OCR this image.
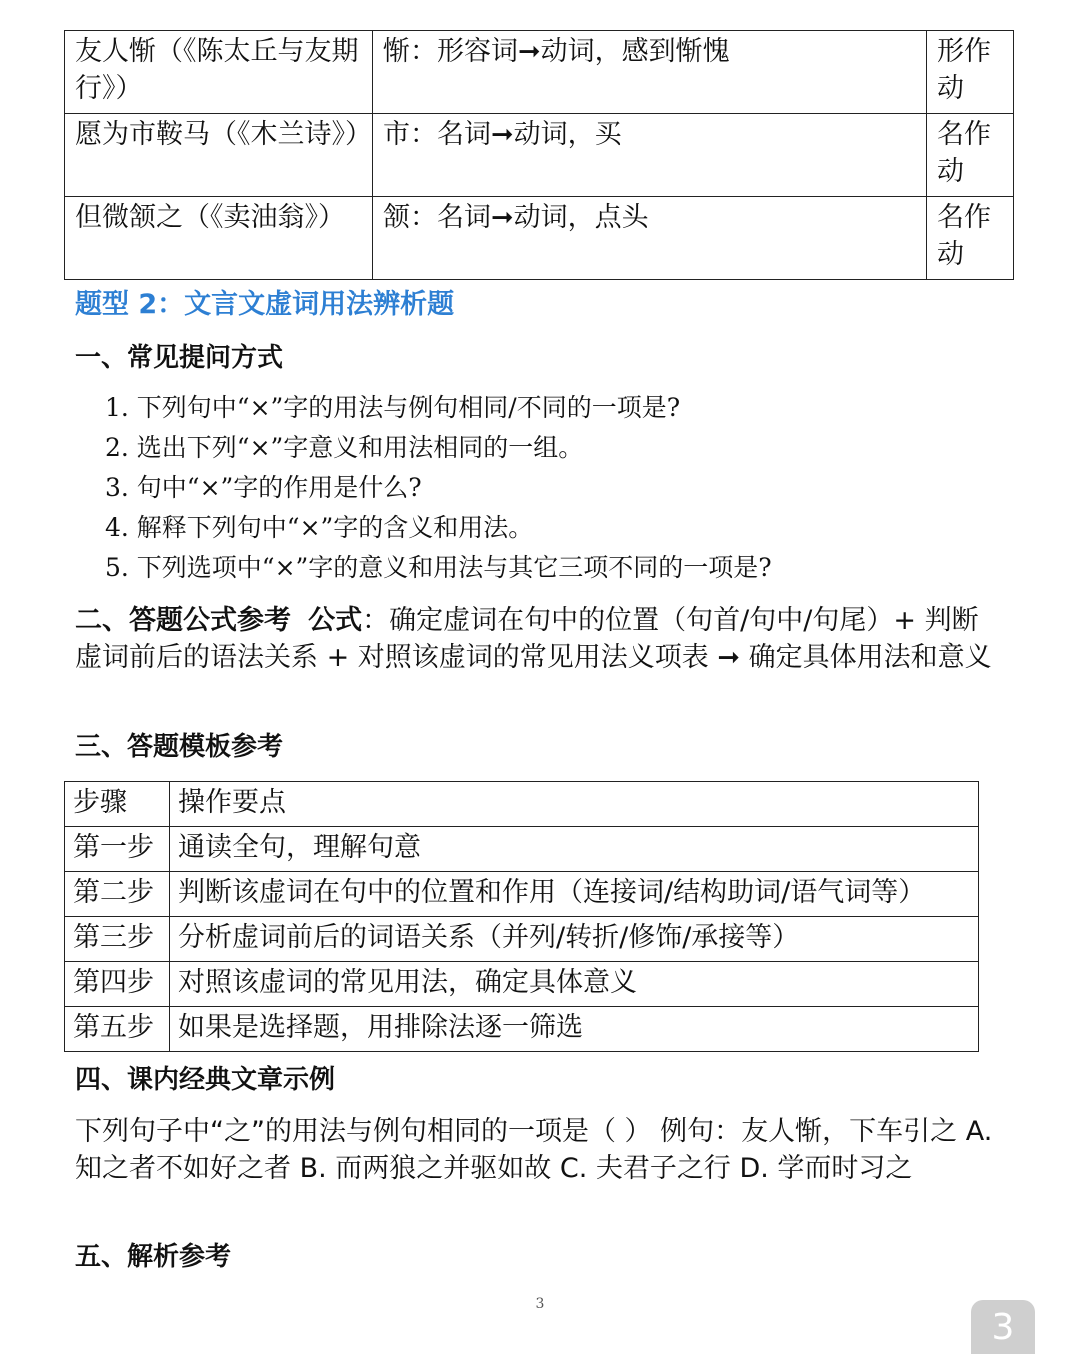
友人惭（《陈太丘与友期行》）	惭：形容词➞动词，感到惭愧	形作动
愿为市鞍马（《木兰诗》）	市：名词➞动词，买	名作动
但微颔之（《卖油翁》）	颔：名词➞动词，点头	名作动
题型 2：文言文虚词用法辨析题
一、常见提问方式
1. 下列句中“×”字的用法与例句相同/不同的一项是?
2. 选出下列“×”字意义和用法相同的一组。
3. 句中“×”字的作用是什么?
4. 解释下列句中“×”字的含义和用法。
5. 下列选项中“×”字的意义和用法与其它三项不同的一项是?

二、答题公式参考 公式：确定虚词在句中的位置（句首/句中/句尾）+ 判断虚词前后的语法关系 + 对照该虚词的常见用法义项表 ➞ 确定具体用法和意义

三、答题模板参考
步骤	操作要点
第一步	通读全句，理解句意
第二步	判断该虚词在句中的位置和作用（连接词/结构助词/语气词等）
第三步	分析虚词前后的词语关系（并列/转折/修饰/承接等）
第四步	对照该虚词的常见用法，确定具体意义
第五步	如果是选择题，用排除法逐一筛选
四、课内经典文章示例

下列句子中“之”的用法与例句相同的一项是（ ） 例句：友人惭，下车引之 A. 知之者不如好之者 B. 而两狼之并驱如故 C. 夫君子之行 D. 学而时习之

五、解析参考
3
3
